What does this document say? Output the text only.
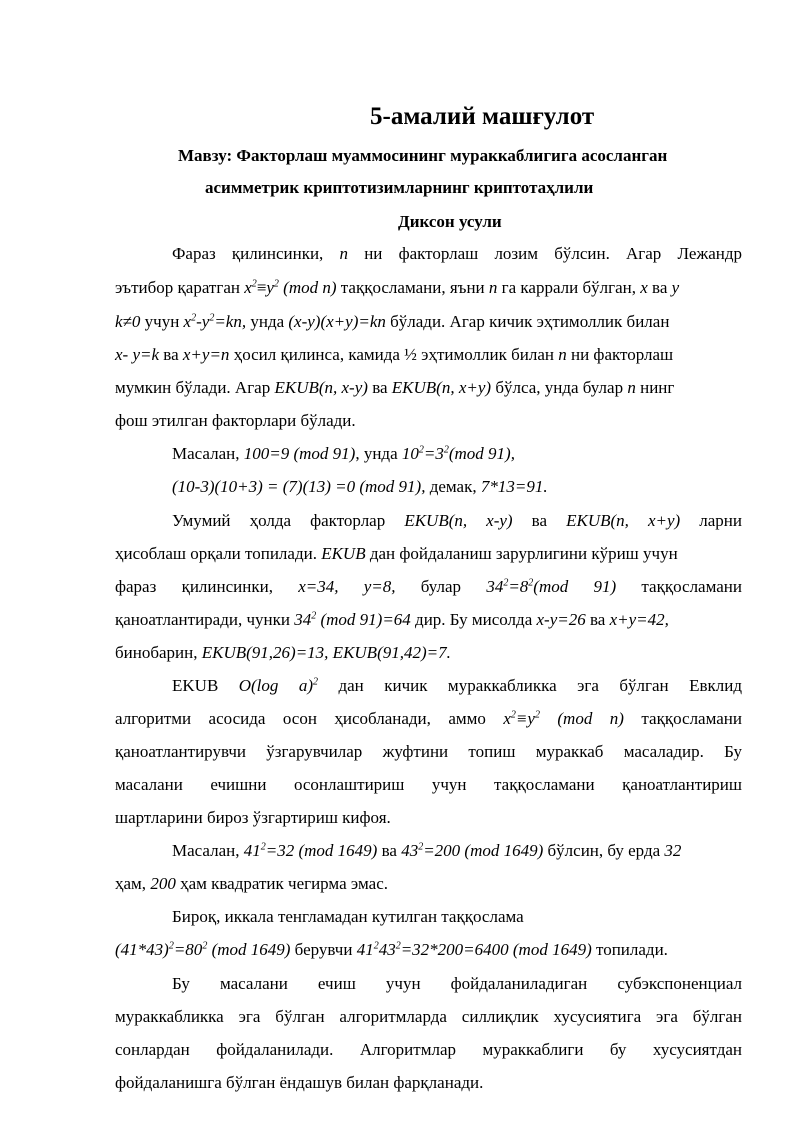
5-амалий машғулот
Мавзу: Факторлаш муаммосининг мураккаблигига асосланган
асимметрик криптотизимларнинг криптотаҳлили
Диксон усули
Фараз қилинсинки, n ни факторлаш лозим бўлсин. Агар Лежандр
эътибор қаратган $x^2\equiv y^2$ (mod n) таққосламани, яъни n га каррали бўлган, x ва y
k≠0 учун $x^2-y^2=kn$, унда (x-y)(x+y)=kn бўлади. Агар кичик эҳтимоллик билан
x- y=k ва x+y=n ҳосил қилинса, камида ½ эҳтимоллик билан n ни факторлаш
мумкин бўлади. Агар EKUB(n, x-y) ва EKUB(n, x+y) бўлса, унда булар n нинг
фош этилган факторлари бўлади.
Масалан, 100=9 (mod 91), унда $10^2=3^2(mod$ 91),
(10-3)(10+3) = (7)(13) =0 (mod 91), демак, 7*13=91.
Умумий ҳолда факторлар EKUB(n, x-y) ва EKUB(n, x+y) ларни
ҳисоблаш орқали топилади. EKUB дан фойдаланиш зарурлигини кўриш учун
фараз қилинсинки, x=34, y=8, булар $34^2=8^2(mod$ 91) таққосламани
қаноатлантиради, чунки $34^2$ (mod 91)=64 дир. Бу мисолда x-y=26 ва x+y=42,
бинобарин, EKUB(91,26)=13, EKUB(91,42)=7.
EKUB O(log a)$^2$ дан кичик мураккабликка эга бўлган Евклид
алгоритми асосида осон ҳисобланади, аммо $x^2\equiv y^2$ (mod n) таққосламани
қаноатлантирувчи ўзгарувчилар жуфтини топиш мураккаб масаладир. Бу
масалани ечишни осонлаштириш учун таққосламани қаноатлантириш
шартларини бироз ўзгартириш кифоя.
Масалан, $41^2=32$ (mod 1649) ва $43^2=200$ (mod 1649) бўлсин, бу ерда 32
ҳам, 200 ҳам квадратик чегирма эмас.
Бироқ, иккала тенгламадан кутилган таққослама
$(41*43)^2=80^2$ (mod 1649) берувчи $41^243^2=32*200=6400$ (mod 1649) топилади.
Бу масалани ечиш учун фойдаланиладиган субэкспоненциал
мураккабликка эга бўлган алгоритмларда силлиқлик хусусиятига эга бўлган
сонлардан фойдаланилади. Алгоритмлар мураккаблиги бу хусусиятдан
фойдаланишга бўлган ёндашув билан фарқланади.
